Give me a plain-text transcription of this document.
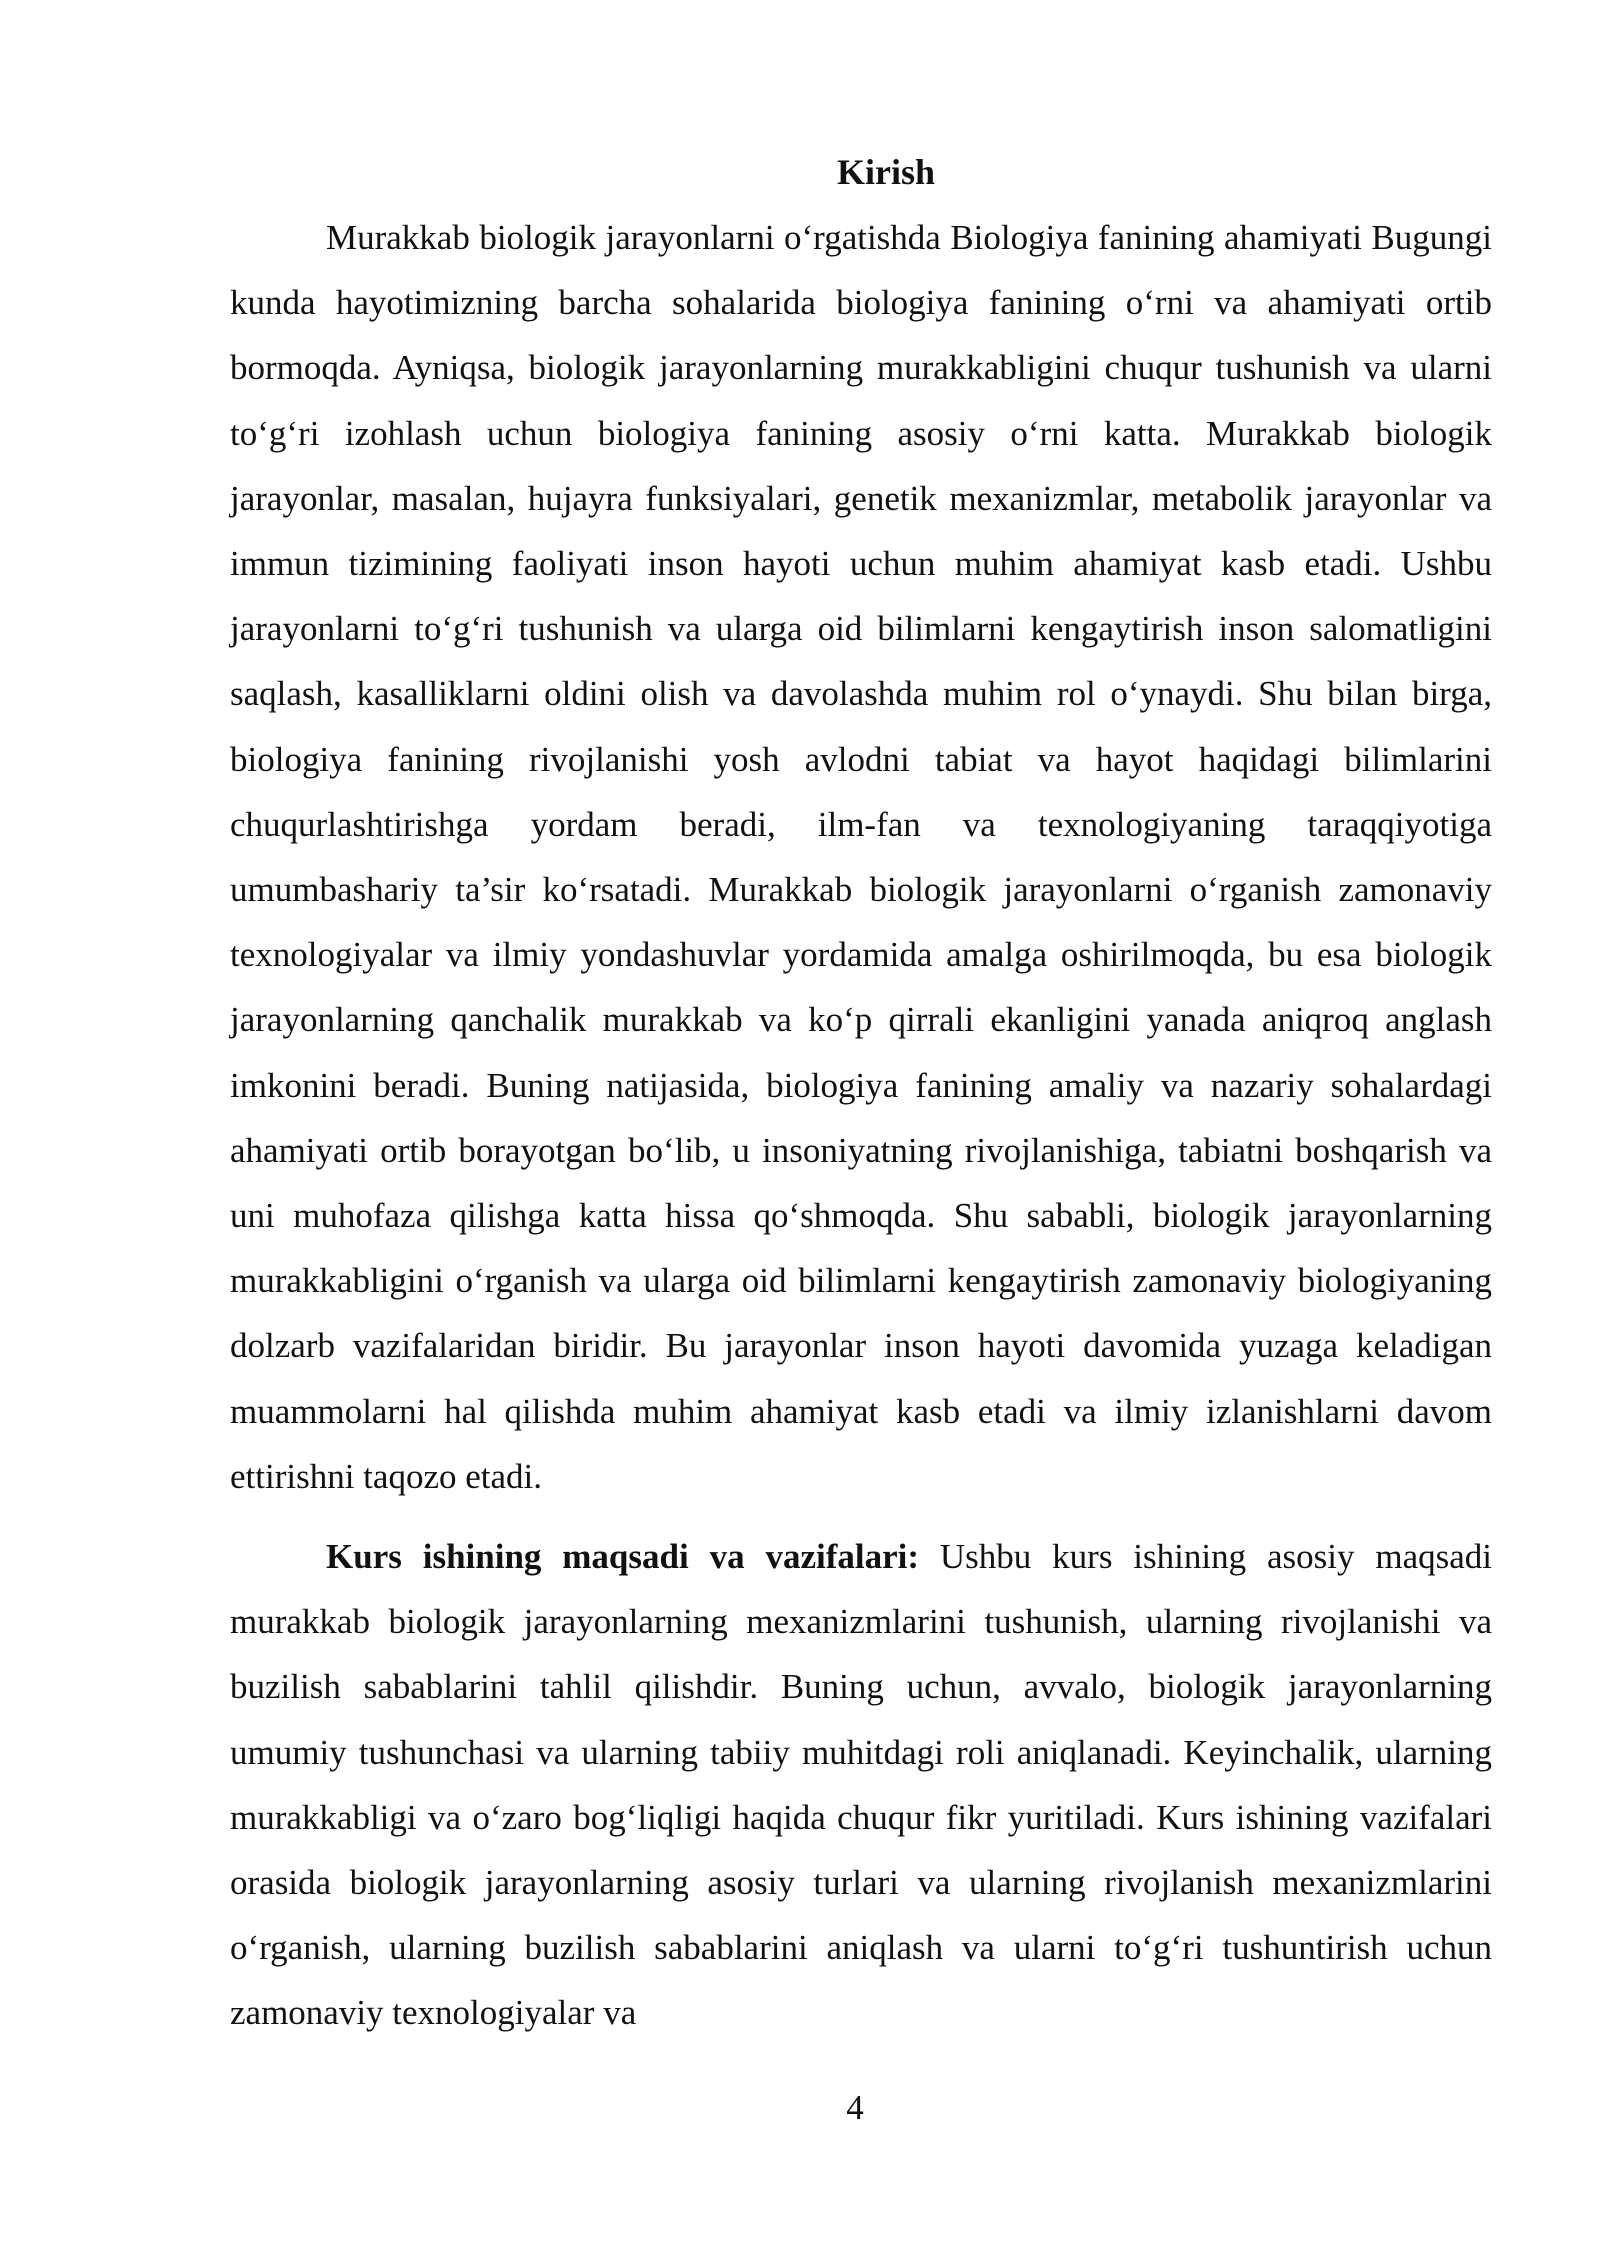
Kirish

Murakkab biologik jarayonlarni o‘rgatishda Biologiya fanining ahamiyati Bugungi kunda hayotimizning barcha sohalarida biologiya fanining o‘rni va ahamiyati ortib bormoqda. Ayniqsa, biologik jarayonlarning murakkabligini chuqur tushunish va ularni to‘g‘ri izohlash uchun biologiya fanining asosiy o‘rni katta. Murakkab biologik jarayonlar, masalan, hujayra funksiyalari, genetik mexanizmlar, metabolik jarayonlar va immun tizimining faoliyati inson hayoti uchun muhim ahamiyat kasb etadi. Ushbu jarayonlarni to‘g‘ri tushunish va ularga oid bilimlarni kengaytirish inson salomatligini saqlash, kasalliklarni oldini olish va davolashda muhim rol o‘ynaydi. Shu bilan birga, biologiya fanining rivojlanishi yosh avlodni tabiat va hayot haqidagi bilimlarini chuqurlashtirishga yordam beradi, ilm-fan va texnologiyaning taraqqiyotiga umumbashariy ta’sir ko‘rsatadi. Murakkab biologik jarayonlarni o‘rganish zamonaviy texnologiyalar va ilmiy yondashuvlar yordamida amalga oshirilmoqda, bu esa biologik jarayonlarning qanchalik murakkab va ko‘p qirrali ekanligini yanada aniqroq anglash imkonini beradi. Buning natijasida, biologiya fanining amaliy va nazariy sohalardagi ahamiyati ortib borayotgan bo‘lib, u insoniyatning rivojlanishiga, tabiatni boshqarish va uni muhofaza qilishga katta hissa qo‘shmoqda. Shu sababli, biologik jarayonlarning murakkabligini o‘rganish va ularga oid bilimlarni kengaytirish zamonaviy biologiyaning dolzarb vazifalaridan biridir. Bu jarayonlar inson hayoti davomida yuzaga keladigan muammolarni hal qilishda muhim ahamiyat kasb etadi va ilmiy izlanishlarni davom ettirishni taqozo etadi.

Kurs ishining maqsadi va vazifalari: Ushbu kurs ishining asosiy maqsadi murakkab biologik jarayonlarning mexanizmlarini tushunish, ularning rivojlanishi va buzilish sabablarini tahlil qilishdir. Buning uchun, avvalo, biologik jarayonlarning umumiy tushunchasi va ularning tabiiy muhitdagi roli aniqlanadi. Keyinchalik, ularning murakkabligi va o‘zaro bog‘liqligi haqida chuqur fikr yuritiladi. Kurs ishining vazifalari orasida biologik jarayonlarning asosiy turlari va ularning rivojlanish mexanizmlarini o‘rganish, ularning buzilish sabablarini aniqlash va ularni to‘g‘ri tushuntirish uchun zamonaviy texnologiyalar va

4
